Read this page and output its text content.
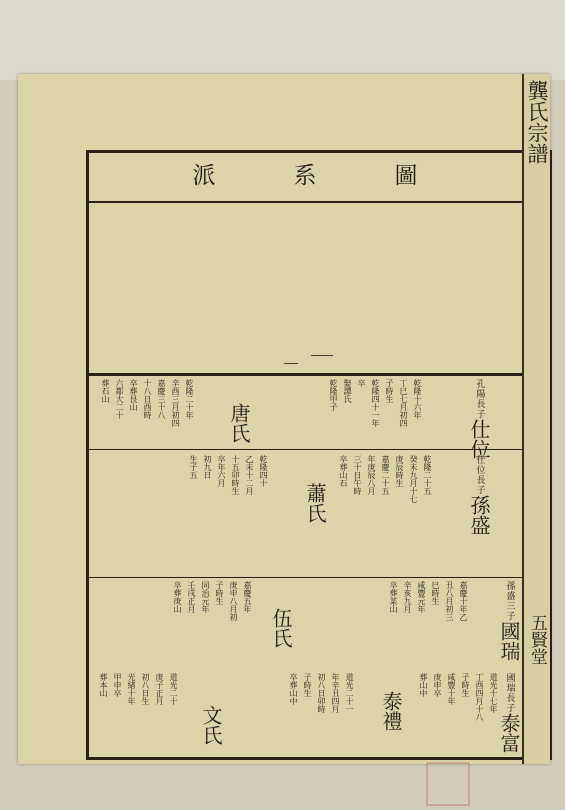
派系圖
孔陽長子
仕位
乾隆十六年
丁巳七月初四
子時生
乾隆四十一年
卒
娶譚氏
乾隆甲子
唐氏
乾隆二十年
辛酉三月初四
嘉慶三十八
十八日酉時
卒葬艮山
六都大二十
葬石山
仕位長子
孫盛
乾隆二十五
癸未九月十七
庚辰時生
嘉慶二十五
年庚辰八月
三十日午時
卒葬山石
蕭氏
乾隆四十
乙未十二月
十五卯時生
卒年六月
初九日
生子五
孫盛三子
國瑞
嘉慶十年乙
丑八月初三
巳時生
咸豐元年
辛亥九月
卒葬某山
伍氏
嘉慶五年
庚申八月初
子時生
同治元年
壬戌正月
卒葬庚山
國瑞長子
泰富
道光十七年
丁酉四月十八
子時生
咸豐十年
庚申卒
葬山中
泰禮
道光二十一
年辛丑四月
初八日卯時
子時生
卒葬山中
文氏
道光二十
庚子正月
初八日生
光緒十年
甲申卒
葬本山
龔氏宗譜
五賢堂
